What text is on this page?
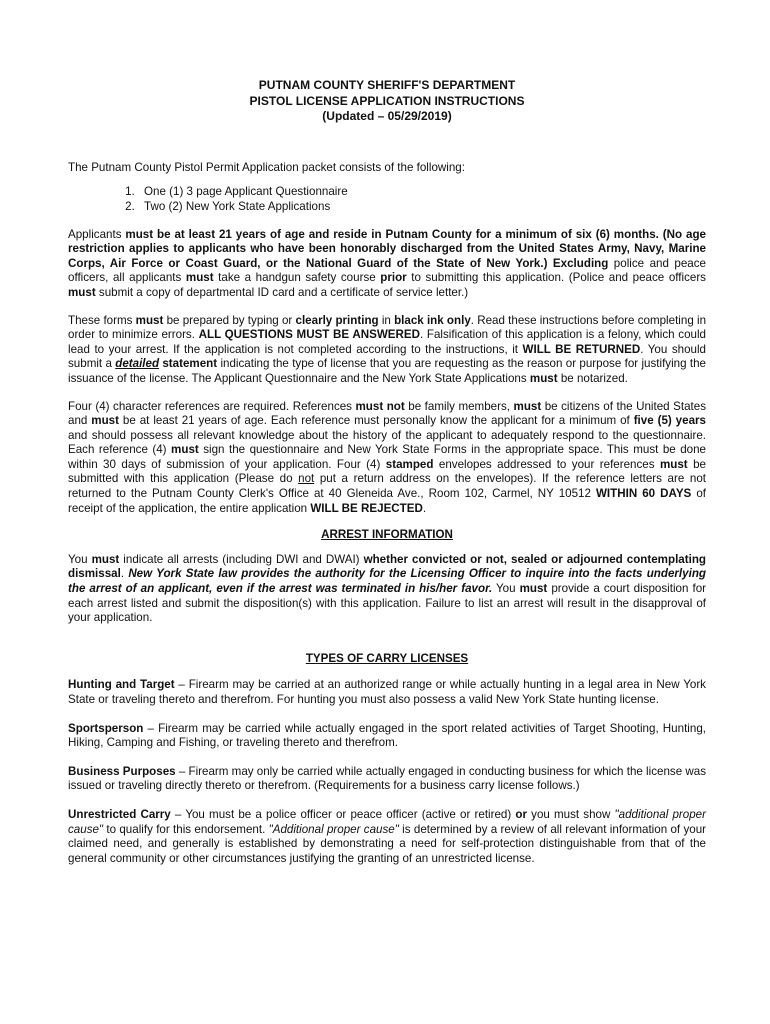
PUTNAM COUNTY SHERIFF'S DEPARTMENT
PISTOL LICENSE APPLICATION INSTRUCTIONS
(Updated – 05/29/2019)

The Putnam County Pistol Permit Application packet consists of the following:

1. One (1) 3 page Applicant Questionnaire
2. Two (2) New York State Applications

Applicants must be at least 21 years of age and reside in Putnam County for a minimum of six (6) months. (No age restriction applies to applicants who have been honorably discharged from the United States Army, Navy, Marine Corps, Air Force or Coast Guard, or the National Guard of the State of New York.) Excluding police and peace officers, all applicants must take a handgun safety course prior to submitting this application. (Police and peace officers must submit a copy of departmental ID card and a certificate of service letter.)

These forms must be prepared by typing or clearly printing in black ink only. Read these instructions before completing in order to minimize errors. ALL QUESTIONS MUST BE ANSWERED. Falsification of this application is a felony, which could lead to your arrest. If the application is not completed according to the instructions, it WILL BE RETURNED. You should submit a detailed statement indicating the type of license that you are requesting as the reason or purpose for justifying the issuance of the license. The Applicant Questionnaire and the New York State Applications must be notarized.

Four (4) character references are required. References must not be family members, must be citizens of the United States and must be at least 21 years of age. Each reference must personally know the applicant for a minimum of five (5) years and should possess all relevant knowledge about the history of the applicant to adequately respond to the questionnaire. Each reference (4) must sign the questionnaire and New York State Forms in the appropriate space. This must be done within 30 days of submission of your application. Four (4) stamped envelopes addressed to your references must be submitted with this application (Please do not put a return address on the envelopes). If the reference letters are not returned to the Putnam County Clerk's Office at 40 Gleneida Ave., Room 102, Carmel, NY 10512 WITHIN 60 DAYS of receipt of the application, the entire application WILL BE REJECTED.

ARREST INFORMATION

You must indicate all arrests (including DWI and DWAI) whether convicted or not, sealed or adjourned contemplating dismissal. New York State law provides the authority for the Licensing Officer to inquire into the facts underlying the arrest of an applicant, even if the arrest was terminated in his/her favor. You must provide a court disposition for each arrest listed and submit the disposition(s) with this application. Failure to list an arrest will result in the disapproval of your application.

TYPES OF CARRY LICENSES

Hunting and Target – Firearm may be carried at an authorized range or while actually hunting in a legal area in New York State or traveling thereto and therefrom. For hunting you must also possess a valid New York State hunting license.

Sportsperson – Firearm may be carried while actually engaged in the sport related activities of Target Shooting, Hunting, Hiking, Camping and Fishing, or traveling thereto and therefrom.

Business Purposes – Firearm may only be carried while actually engaged in conducting business for which the license was issued or traveling directly thereto or therefrom. (Requirements for a business carry license follows.)

Unrestricted Carry – You must be a police officer or peace officer (active or retired) or you must show "additional proper cause" to qualify for this endorsement. "Additional proper cause" is determined by a review of all relevant information of your claimed need, and generally is established by demonstrating a need for self-protection distinguishable from that of the general community or other circumstances justifying the granting of an unrestricted license.
